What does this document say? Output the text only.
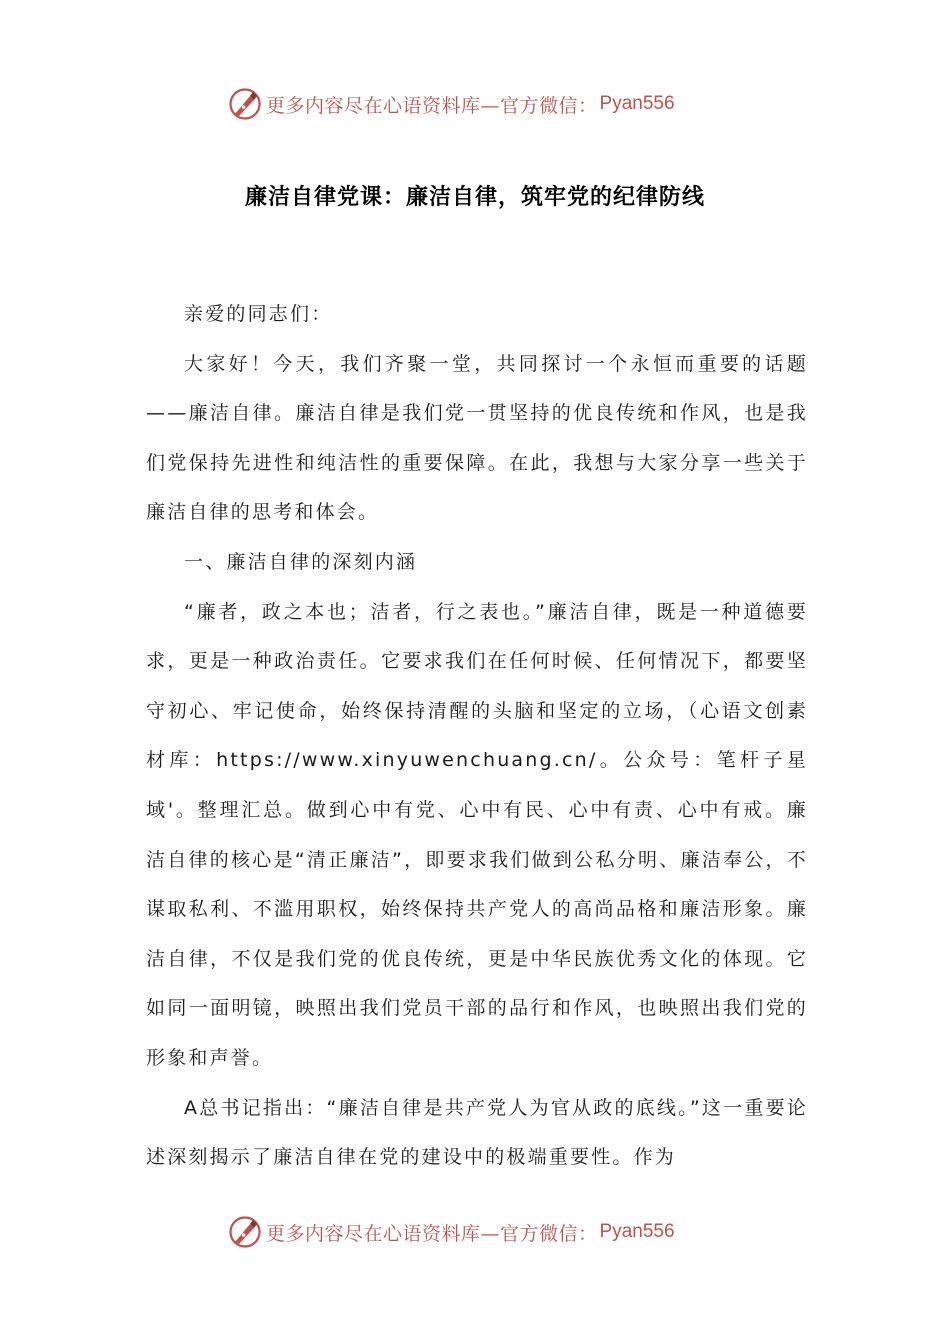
更多内容尽在心语资料库—官方微信： Pyan556
廉洁自律党课：廉洁自律，筑牢党的纪律防线

亲爱的同志们：

大家好！今天，我们齐聚一堂，共同探讨一个永恒而重要的话题——廉洁自律。廉洁自律是我们党一贯坚持的优良传统和作风，也是我们党保持先进性和纯洁性的重要保障。在此，我想与大家分享一些关于廉洁自律的思考和体会。

一、廉洁自律的深刻内涵

“廉者，政之本也；洁者，行之表也。”廉洁自律，既是一种道德要求，更是一种政治责任。它要求我们在任何时候、任何情况下，都要坚守初心、牢记使命，始终保持清醒的头脑和坚定的立场，（心语文创素材库：https://www.xinyuwenchuang.cn/。公众号：笔杆子星域'。整理汇总。做到心中有党、心中有民、心中有责、心中有戒。廉洁自律的核心是“清正廉洁”，即要求我们做到公私分明、廉洁奉公，不谋取私利、不滥用职权，始终保持共产党人的高尚品格和廉洁形象。廉洁自律，不仅是我们党的优良传统，更是中华民族优秀文化的体现。它如同一面明镜，映照出我们党员干部的品行和作风，也映照出我们党的形象和声誉。

A总书记指出：“廉洁自律是共产党人为官从政的底线。”这一重要论述深刻揭示了廉洁自律在党的建设中的极端重要性。作为

更多内容尽在心语资料库—官方微信： Pyan556
